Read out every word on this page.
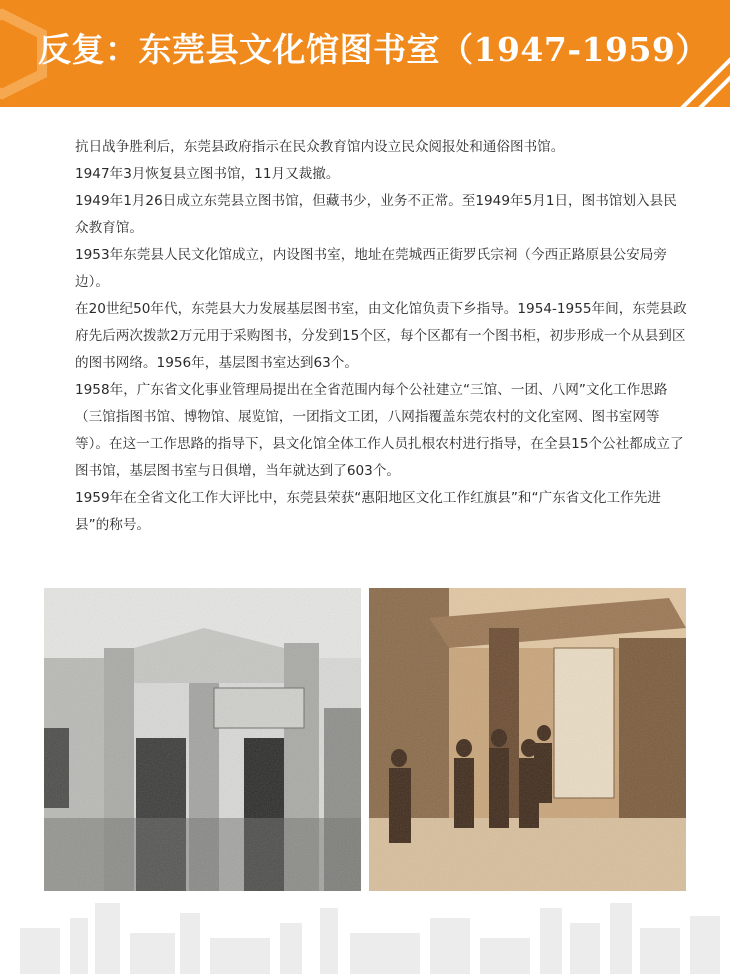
反复：东莞县文化馆图书室（1947-1959）

抗日战争胜利后，东莞县政府指示在民众教育馆内设立民众阅报处和通俗图书馆。

1947年3月恢复县立图书馆，11月又裁撤。

1949年1月26日成立东莞县立图书馆，但藏书少，业务不正常。至1949年5月1日，图书馆划入县民众教育馆。

1953年东莞县人民文化馆成立，内设图书室，地址在莞城西正街罗氏宗祠（今西正路原县公安局旁边）。

在20世纪50年代，东莞县大力发展基层图书室，由文化馆负责下乡指导。1954-1955年间，东莞县政府先后两次拨款2万元用于采购图书，分发到15个区，每个区都有一个图书柜，初步形成一个从县到区的图书网络。1956年，基层图书室达到63个。

1958年，广东省文化事业管理局提出在全省范围内每个公社建立“三馆、一团、八网”文化工作思路（三馆指图书馆、博物馆、展览馆，一团指文工团，八网指覆盖东莞农村的文化室网、图书室网等等）。在这一工作思路的指导下，县文化馆全体工作人员扎根农村进行指导，在全县15个公社都成立了图书馆，基层图书室与日俱增，当年就达到了603个。

1959年在全省文化工作大评比中，东莞县荣获“惠阳地区文化工作红旗县”和“广东省文化工作先进县”的称号。
